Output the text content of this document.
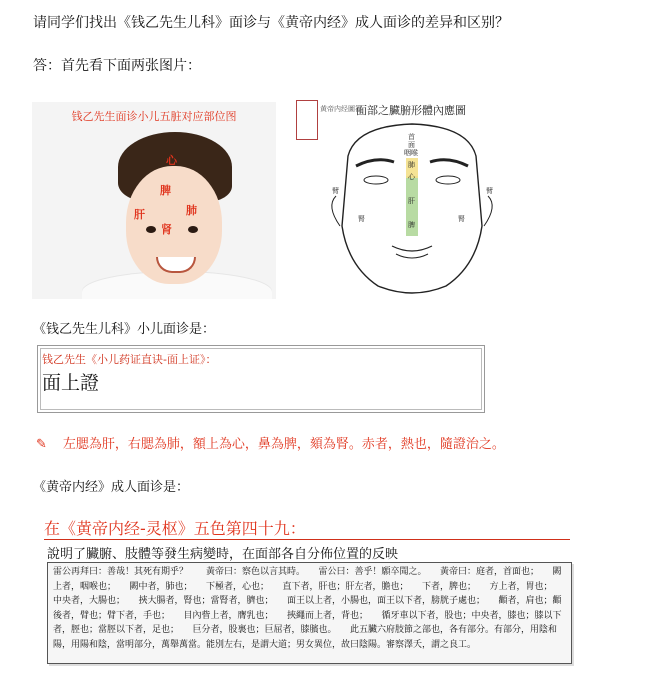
请同学们找出《钱乙先生儿科》面诊与《黄帝内经》成人面诊的差异和区别？
答：首先看下面两张图片：
钱乙先生面诊小儿五脏对应部位图
心
脾
肝	肺
肾
黄帝内经圖福
面部之臟腑形體內應圖
首
面
咽喉
肺
心
肝
脾
腎	腎
臂	臂
《钱乙先生儿科》小儿面诊是：
钱乙先生《小儿药证直诀-面上证》：
面上證
✎ 左腮為肝，右腮為肺，額上為心，鼻為脾，頦為腎。赤者，熱也，隨證治之。
《黄帝内经》成人面诊是：
在《黄帝内经-灵枢》五色第四十九：
說明了臟腑、肢體等發生病變時，在面部各自分佈位置的反映
雷公再拜曰：善哉！其死有期乎？　　黃帝曰：察色以言其時。　　雷公曰：善乎！願卒聞之。　　黃帝曰：庭者，首面也；　　闕上者，咽喉也；　　闕中者，肺也；　　下極者，心也；　　直下者，肝也；肝左者，膽也；　　下者，脾也；　　方上者，胃也；　　中央者，大腸也；　　挾大腸者，腎也；當腎者，臍也；　　面王以上者，小腸也，面王以下者，膀胱子處也；　　顴者，肩也；顴後者，臂也；臂下者，手也；　　目內眥上者，膺乳也；　　挾繩而上者，背也；　　循牙車以下者，股也；中央者，膝也；膝以下者，脛也；當脛以下者，足也；　　巨分者，股裏也；巨屈者，膝臏也。　　此五臟六府肢節之部也，各有部分。有部分，用陰和陽，用陽和陰，當明部分，萬舉萬當。能別左右，是謂大道；男女異位，故曰陰陽。審察澤夭，謂之良工。
